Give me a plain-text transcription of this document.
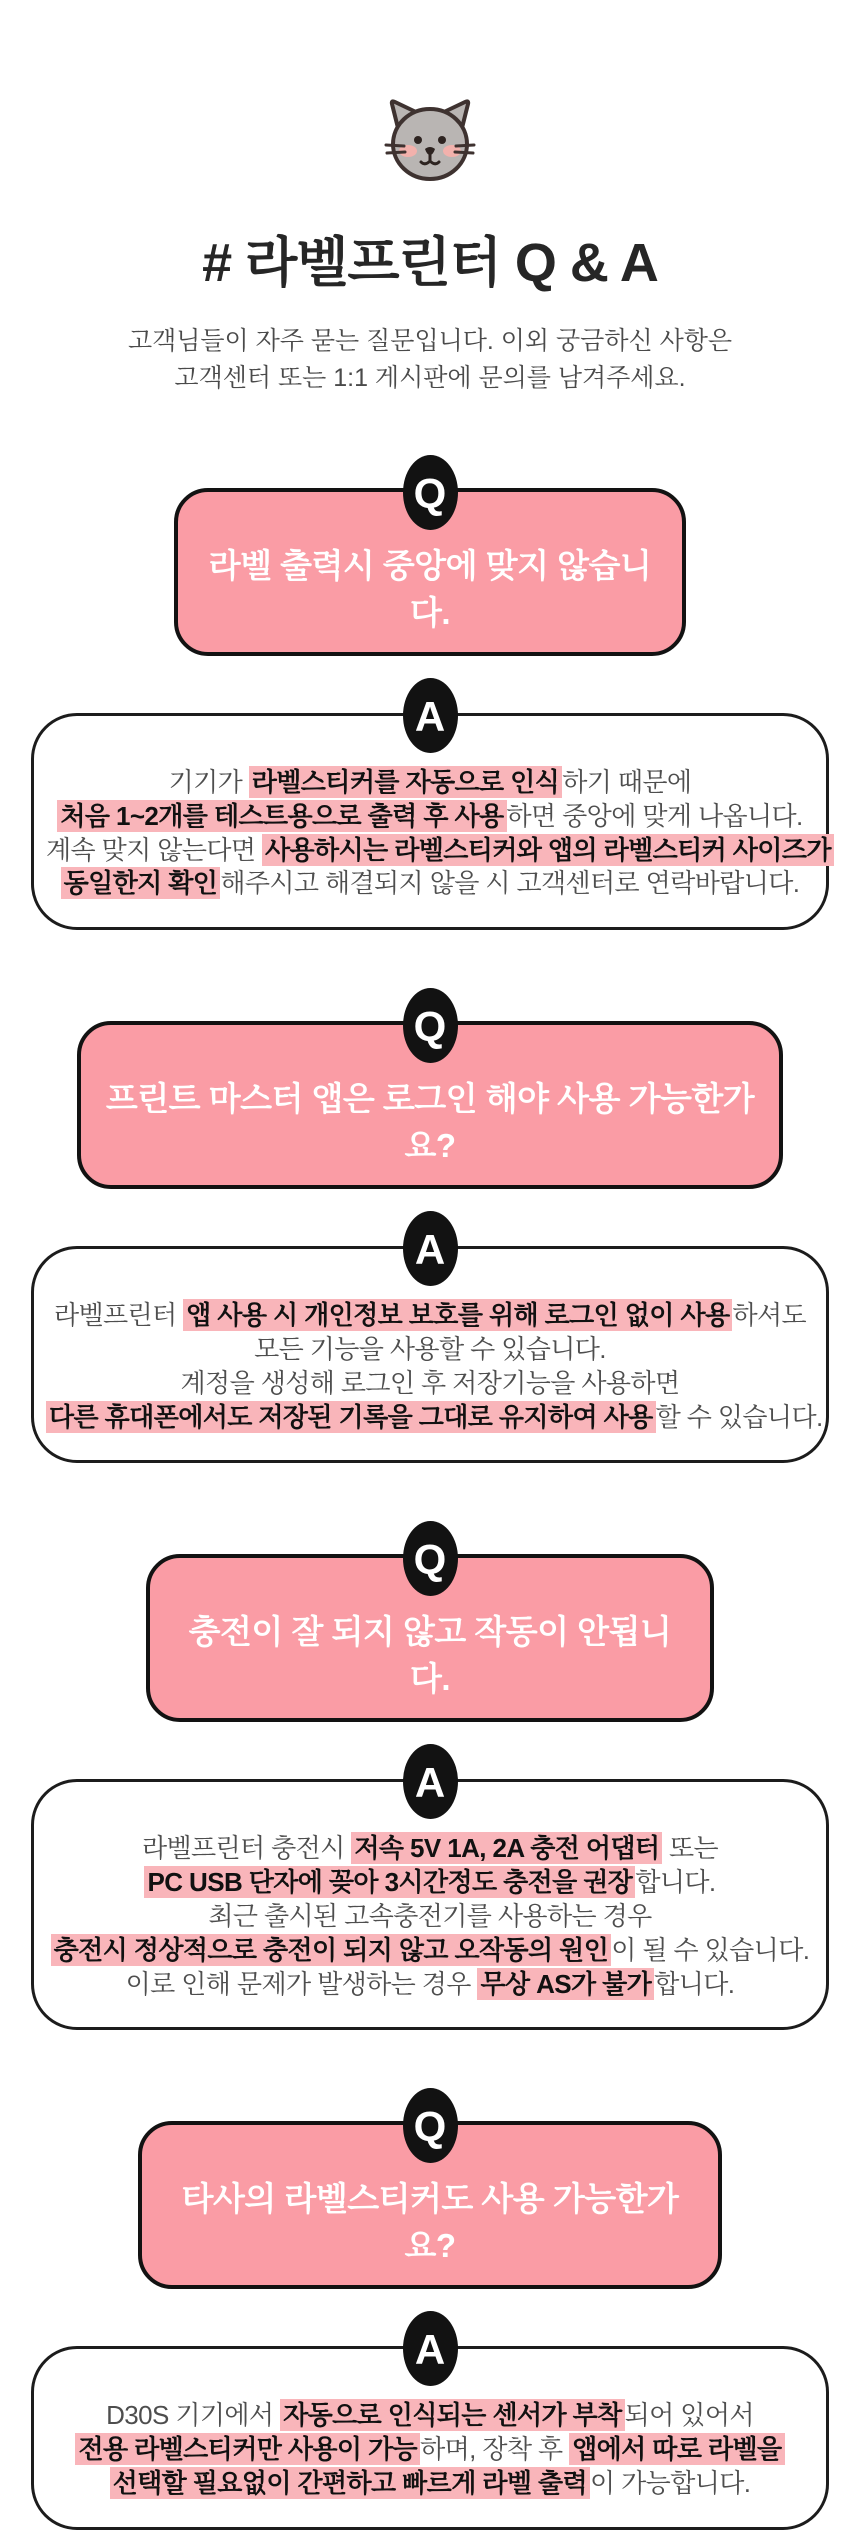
# 라벨프린터 Q & A
고객님들이 자주 묻는 질문입니다. 이외 궁금하신 사항은
고객센터 또는 1:1 게시판에 문의를 남겨주세요.
Q
라벨 출력시 중앙에 맞지 않습니다.
A
기기가 라벨스티커를 자동으로 인식 하기 때문에
처음 1~2개를 테스트용으로 출력 후 사용 하면 중앙에 맞게 나옵니다.
계속 맞지 않는다면 사용하시는 라벨스티커와 앱의 라벨스티커 사이즈가
동일한지 확인 해주시고 해결되지 않을 시 고객센터로 연락바랍니다.
Q
프린트 마스터 앱은 로그인 해야 사용 가능한가요?
A
라벨프린터 앱 사용 시 개인정보 보호를 위해 로그인 없이 사용 하셔도
모든 기능을 사용할 수 있습니다.
계정을 생성해 로그인 후 저장기능을 사용하면
다른 휴대폰에서도 저장된 기록을 그대로 유지하여 사용 할 수 있습니다.
Q
충전이 잘 되지 않고 작동이 안됩니다.
A
라벨프린터 충전시 저속 5V 1A, 2A 충전 어댑터 또는
PC USB 단자에 꽂아 3시간정도 충전을 권장 합니다.
최근 출시된 고속충전기를 사용하는 경우
충전시 정상적으로 충전이 되지 않고 오작동의 원인 이 될 수 있습니다.
이로 인해 문제가 발생하는 경우 무상 AS가 불가 합니다.
Q
타사의 라벨스티커도 사용 가능한가요?
A
D30S 기기에서 자동으로 인식되는 센서가 부착 되어 있어서
전용 라벨스티커만 사용이 가능 하며, 장착 후 앱에서 따로 라벨을
선택할 필요없이 간편하고 빠르게 라벨 출력 이 가능합니다.
